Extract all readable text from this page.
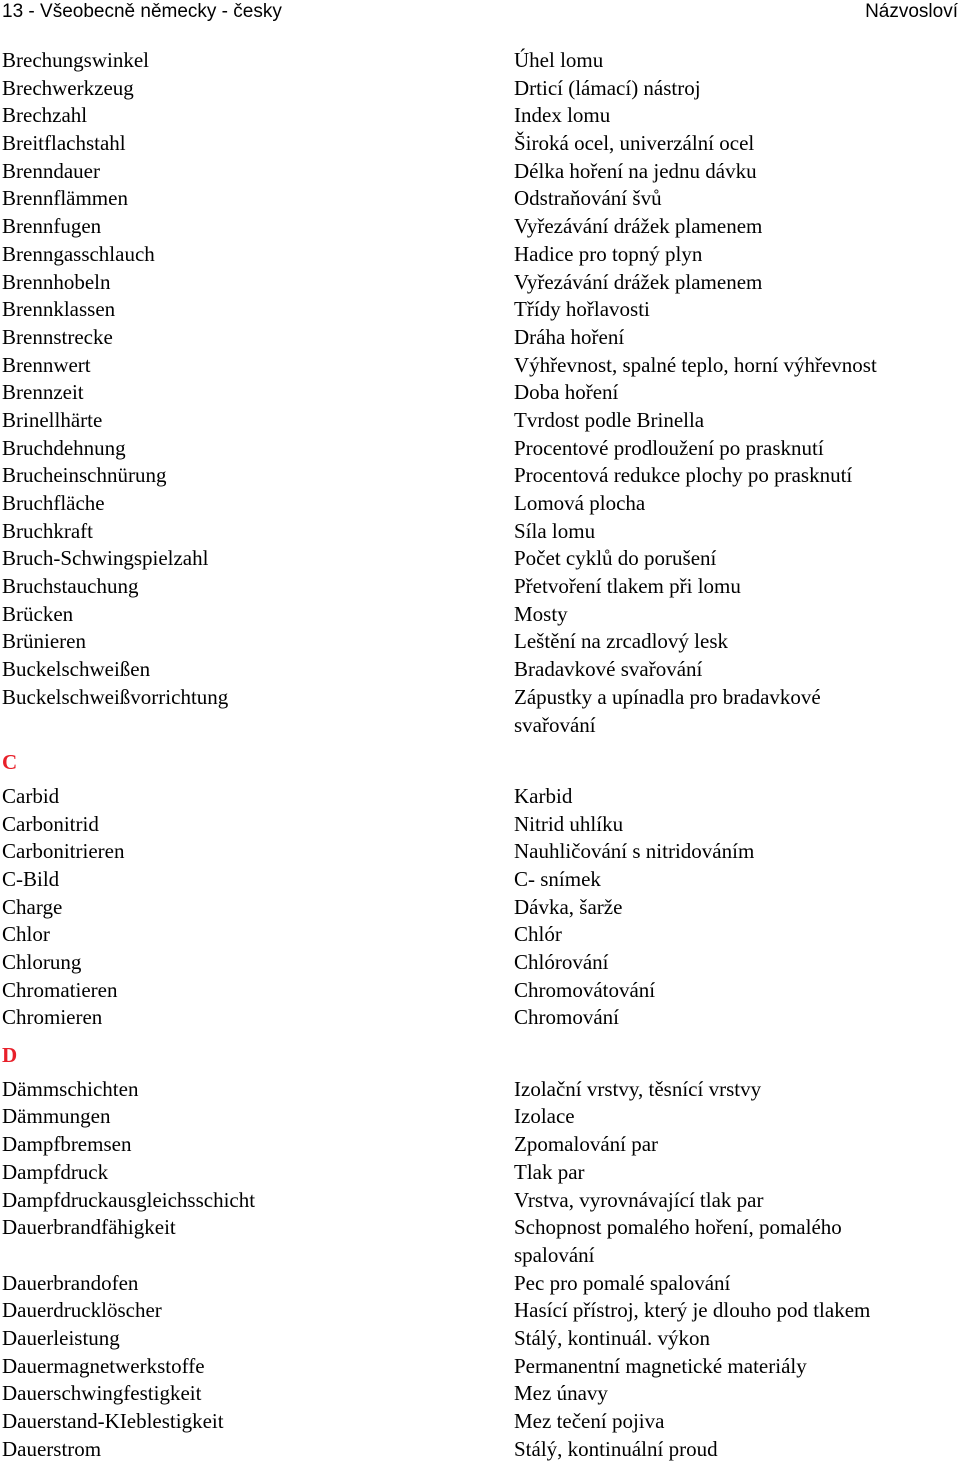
13 - Všeobecně německy - česky	Názvosloví
Brechungswinkel	Úhel lomu
Brechwerkzeug	Drticí (lámací) nástroj
Brechzahl	Index lomu
Breitflachstahl	Široká ocel, univerzální ocel
Brenndauer	Délka hoření na jednu dávku
Brennflämmen	Odstraňování švů
Brennfugen	Vyřezávání drážek plamenem
Brenngasschlauch	Hadice pro topný plyn
Brennhobeln	Vyřezávání drážek plamenem
Brennklassen	Třídy hořlavosti
Brennstrecke	Dráha hoření
Brennwert	Výhřevnost, spalné teplo, horní výhřevnost
Brennzeit	Doba hoření
Brinellhärte	Tvrdost podle Brinella
Bruchdehnung	Procentové prodloužení po prasknutí
Brucheinschnürung	Procentová redukce plochy po prasknutí
Bruchfläche	Lomová plocha
Bruchkraft	Síla lomu
Bruch-Schwingspielzahl	Počet cyklů do porušení
Bruchstauchung	Přetvoření tlakem při lomu
Brücken	Mosty
Brünieren	Leštění na zrcadlový lesk
Buckelschweißen	Bradavkové svařování
Buckelschweißvorrichtung	Zápustky a upínadla pro bradavkové
svařování
C
Carbid	Karbid
Carbonitrid	Nitrid uhlíku
Carbonitrieren	Nauhličování s nitridováním
C-Bild	C- snímek
Charge	Dávka, šarže
Chlor	Chlór
Chlorung	Chlórování
Chromatieren	Chromovátování
Chromieren	Chromování
D
Dämmschichten	Izolační vrstvy, těsnící vrstvy
Dämmungen	Izolace
Dampfbremsen	Zpomalování par
Dampfdruck	Tlak par
Dampfdruckausgleichsschicht	Vrstva, vyrovnávající tlak par
Dauerbrandfähigkeit	Schopnost pomalého hoření, pomalého
spalování
Dauerbrandofen	Pec pro pomalé spalování
Dauerdrucklöscher	Hasící přístroj, který je dlouho pod tlakem
Dauerleistung	Stálý, kontinuál. výkon
Dauermagnetwerkstoffe	Permanentní magnetické materiály
Dauerschwingfestigkeit	Mez únavy
Dauerstand-KIeblestigkeit	Mez tečení pojiva
Dauerstrom	Stálý, kontinuální proud
